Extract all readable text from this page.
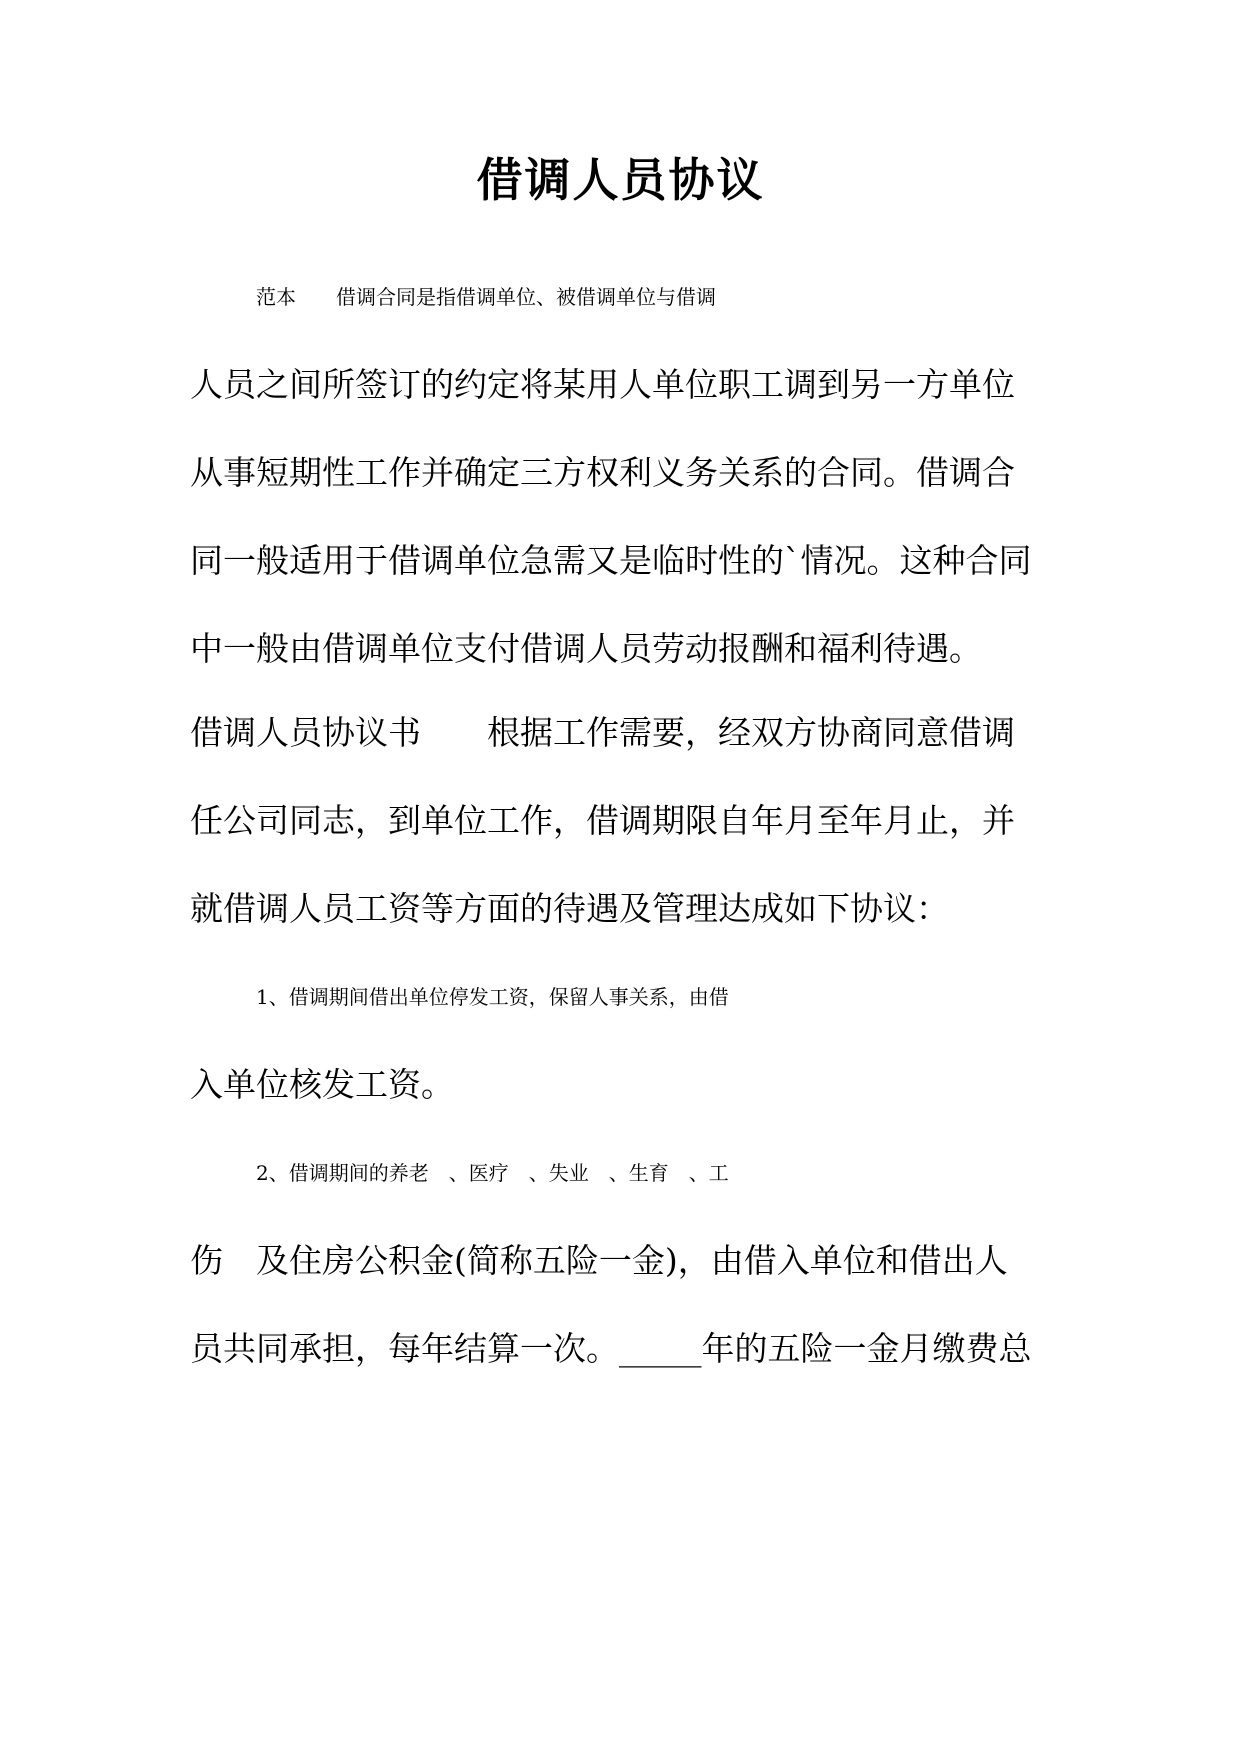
借调人员协议
范本　　借调合同是指借调单位、被借调单位与借调
人员之间所签订的约定将某用人单位职工调到另一方单位
从事短期性工作并确定三方权利义务关系的合同。借调合
同一般适用于借调单位急需又是临时性的`情况。这种合同
中一般由借调单位支付借调人员劳动报酬和福利待遇。
借调人员协议书　　根据工作需要，经双方协商同意借调
任公司同志，到单位工作，借调期限自年月至年月止，并
就借调人员工资等方面的待遇及管理达成如下协议：
1、借调期间借出单位停发工资，保留人事关系，由借
入单位核发工资。
2、借调期间的养老　、医疗　、失业　、生育　、工
伤　及住房公积金(简称五险一金)，由借入单位和借出人
员共同承担，每年结算一次。_____年的五险一金月缴费总
